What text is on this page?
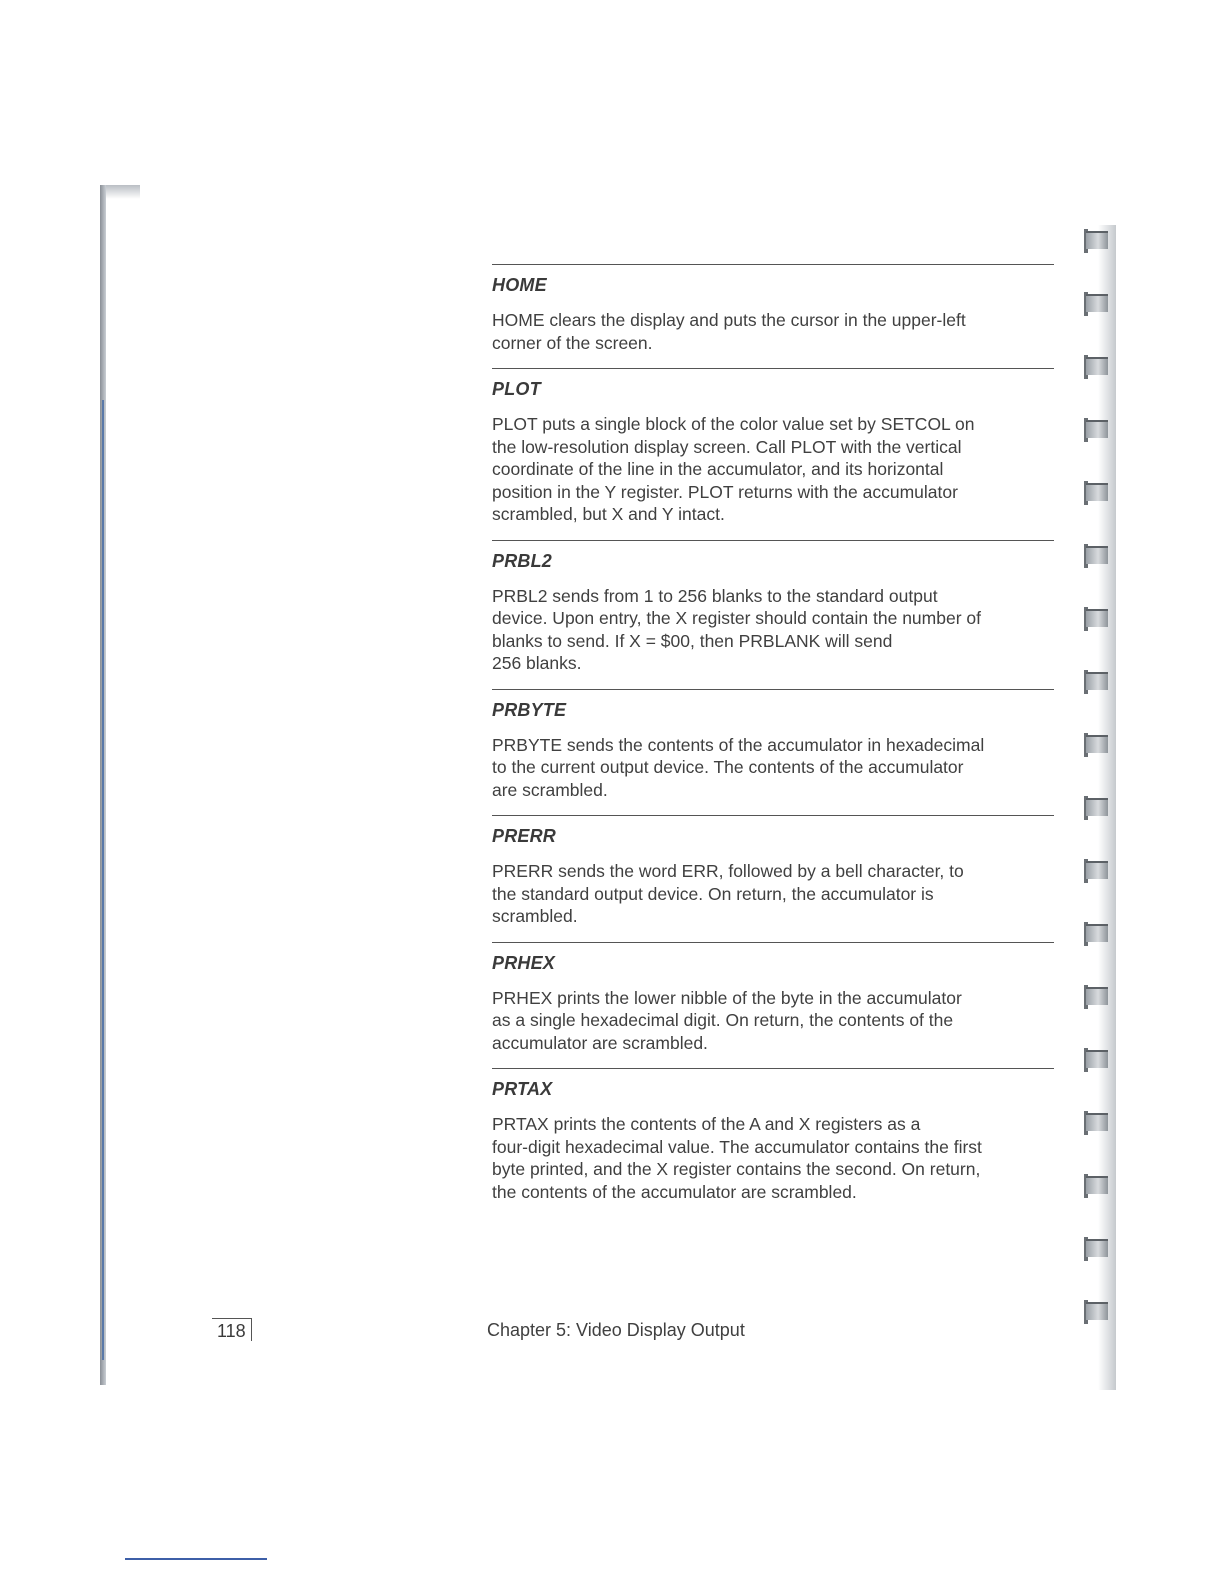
HOME
HOME clears the display and puts the cursor in the upper-left
corner of the screen.
PLOT
PLOT puts a single block of the color value set by SETCOL on
the low-resolution display screen. Call PLOT with the vertical
coordinate of the line in the accumulator, and its horizontal
position in the Y register. PLOT returns with the accumulator
scrambled, but X and Y intact.
PRBL2
PRBL2 sends from 1 to 256 blanks to the standard output
device. Upon entry, the X register should contain the number of
blanks to send. If X = $00, then PRBLANK will send
256 blanks.
PRBYTE
PRBYTE sends the contents of the accumulator in hexadecimal
to the current output device. The contents of the accumulator
are scrambled.
PRERR
PRERR sends the word ERR, followed by a bell character, to
the standard output device. On return, the accumulator is
scrambled.
PRHEX
PRHEX prints the lower nibble of the byte in the accumulator
as a single hexadecimal digit. On return, the contents of the
accumulator are scrambled.
PRTAX
PRTAX prints the contents of the A and X registers as a
four-digit hexadecimal value. The accumulator contains the first
byte printed, and the X register contains the second. On return,
the contents of the accumulator are scrambled.
118	Chapter 5: Video Display Output
